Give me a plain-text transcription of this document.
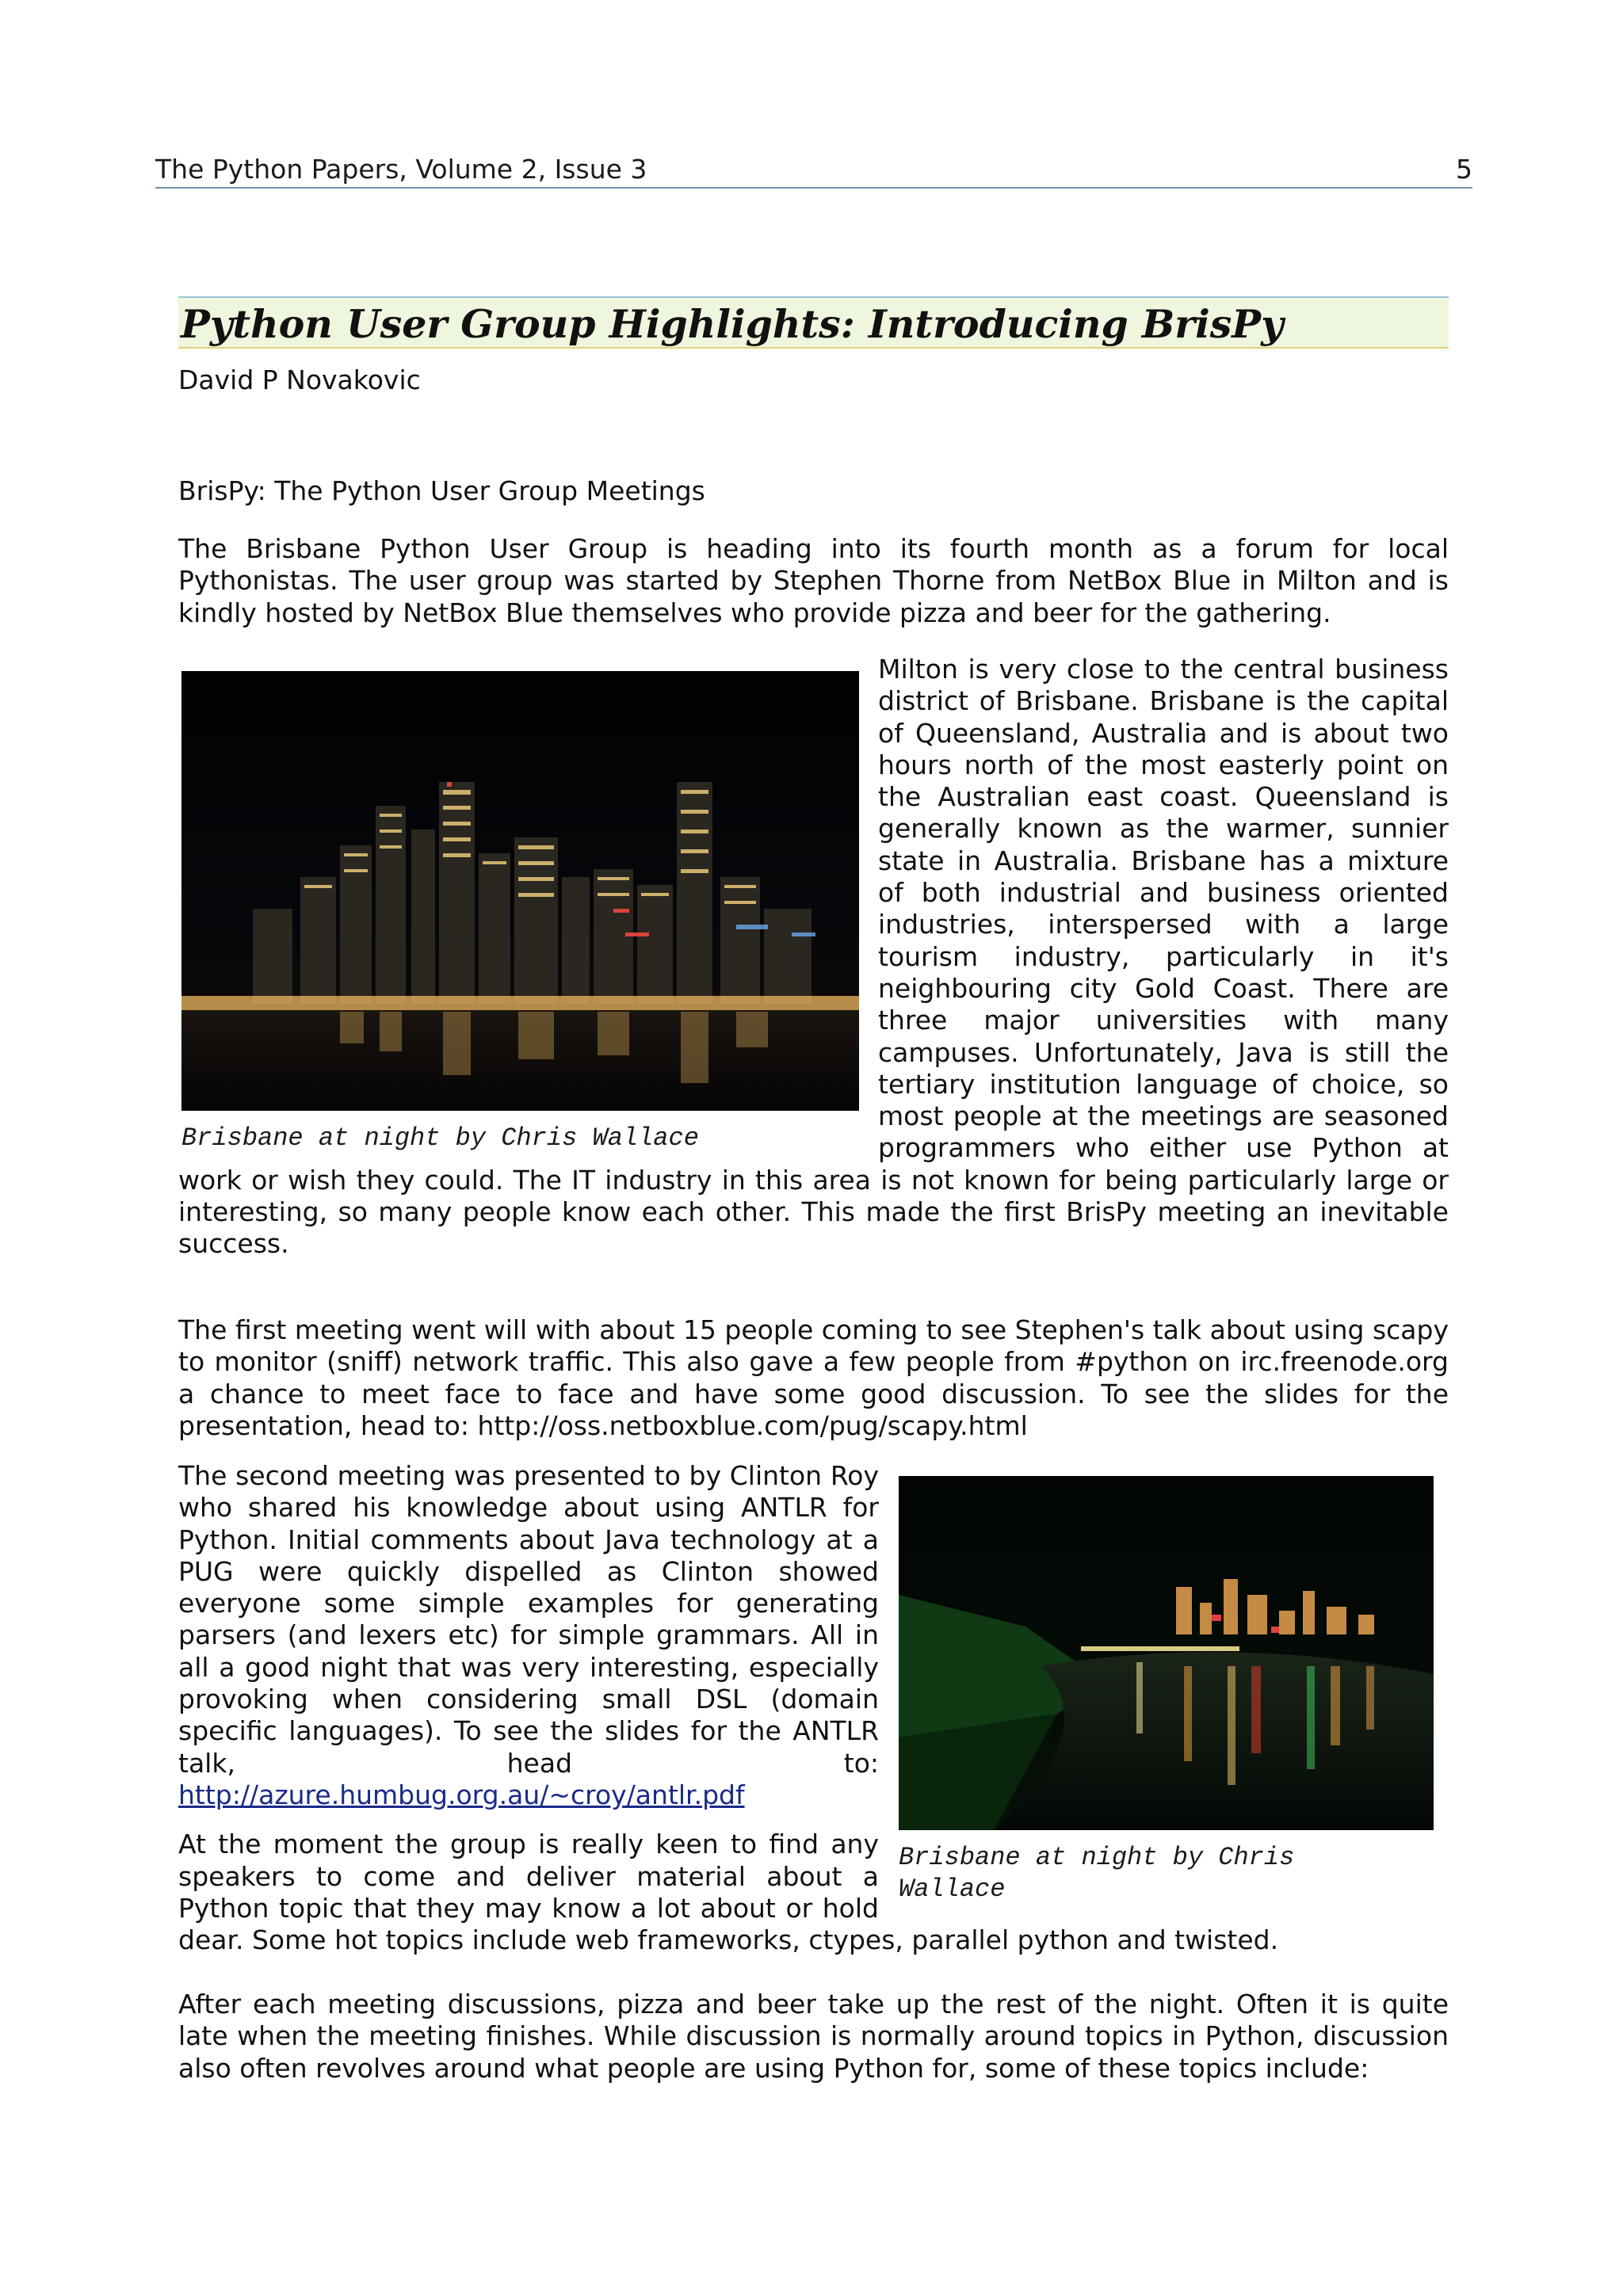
The Python Papers, Volume 2, Issue 3	5
Python User Group Highlights: Introducing BrisPy

David P Novakovic

BrisPy: The Python User Group Meetings

The Brisbane Python User Group is heading into its fourth month as a forum for local Pythonistas. The user group was started by Stephen Thorne from NetBox Blue in Milton and is kindly hosted by NetBox Blue themselves who provide pizza and beer for the gathering.

Brisbane at night by Chris Wallace
Milton is very close to the central business district of Brisbane. Brisbane is the capital of Queensland, Australia and is about two hours north of the most easterly point on the Australian east coast. Queensland is generally known as the warmer, sunnier state in Australia. Brisbane has a mixture of both industrial and business oriented industries, interspersed with a large tourism industry, particularly in it's neighbouring city Gold Coast. There are three major universities with many campuses. Unfortunately, Java is still the tertiary institution language of choice, so most people at the meetings are seasoned programmers who either use Python at work or wish they could. The IT industry in this area is not known for being particularly large or interesting, so many people know each other. This made the first BrisPy meeting an inevitable success.

The first meeting went will with about 15 people coming to see Stephen's talk about using scapy to monitor (sniff) network traffic. This also gave a few people from #python on irc.freenode.org a chance to meet face to face and have some good discussion. To see the slides for the presentation, head to: http://oss.netboxblue.com/pug/scapy.html

Brisbane at night by Chris Wallace
The second meeting was presented to by Clinton Roy who shared his knowledge about using ANTLR for Python. Initial comments about Java technology at a PUG were quickly dispelled as Clinton showed everyone some simple examples for generating parsers (and lexers etc) for simple grammars. All in all a good night that was very interesting, especially provoking when considering small DSL (domain specific languages). To see the slides for the ANTLR talk, head to: http://azure.humbug.org.au/~croy/antlr.pdf
At the moment the group is really keen to find any speakers to come and deliver material about a Python topic that they may know a lot about or hold dear. Some hot topics include web frameworks, ctypes, parallel python and twisted.

After each meeting discussions, pizza and beer take up the rest of the night. Often it is quite late when the meeting finishes. While discussion is normally around topics in Python, discussion also often revolves around what people are using Python for, some of these topics include:
